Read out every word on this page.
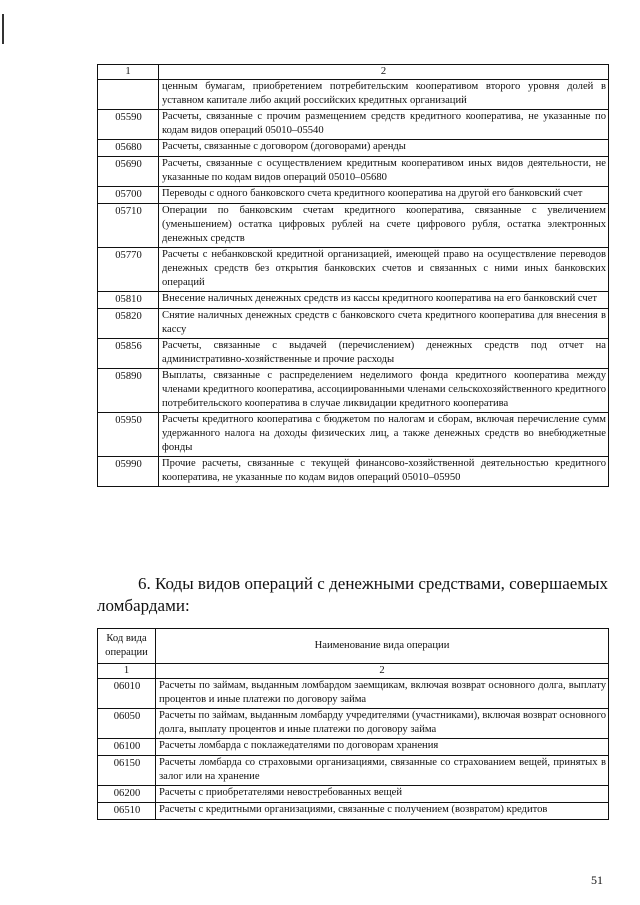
1	2
	ценным бумагам, приобретением потребительским кооперативом второго уровня долей в уставном капитале либо акций российских кредитных организаций
05590	Расчеты, связанные с прочим размещением средств кредитного кооператива, не указанные по кодам видов операций 05010–05540
05680	Расчеты, связанные с договором (договорами) аренды
05690	Расчеты, связанные с осуществлением кредитным кооперативом иных видов деятельности, не указанные по кодам видов операций 05010–05680
05700	Переводы с одного банковского счета кредитного кооператива на другой его банковский счет
05710	Операции по банковским счетам кредитного кооператива, связанные с увеличением (уменьшением) остатка цифровых рублей на счете цифрового рубля, остатка электронных денежных средств
05770	Расчеты с небанковской кредитной организацией, имеющей право на осуществление переводов денежных средств без открытия банковских счетов и связанных с ними иных банковских операций
05810	Внесение наличных денежных средств из кассы кредитного кооператива на его банковский счет
05820	Снятие наличных денежных средств с банковского счета кредитного кооператива для внесения в кассу
05856	Расчеты, связанные с выдачей (перечислением) денежных средств под отчет на административно-хозяйственные и прочие расходы
05890	Выплаты, связанные с распределением неделимого фонда кредитного кооператива между членами кредитного кооператива, ассоциированными членами сельскохозяйственного кредитного потребительского кооператива в случае ликвидации кредитного кооператива
05950	Расчеты кредитного кооператива с бюджетом по налогам и сборам, включая перечисление сумм удержанного налога на доходы физических лиц, а также денежных средств во внебюджетные фонды
05990	Прочие расчеты, связанные с текущей финансово-хозяйственной деятельностью кредитного кооператива, не указанные по кодам видов операций 05010–05950
6. Коды видов операций с денежными средствами, совершаемых ломбардами:
Код вида операции	Наименование вида операции
1	2
06010	Расчеты по займам, выданным ломбардом заемщикам, включая возврат основного долга, выплату процентов и иные платежи по договору займа
06050	Расчеты по займам, выданным ломбарду учредителями (участниками), включая возврат основного долга, выплату процентов и иные платежи по договору займа
06100	Расчеты ломбарда с поклажедателями по договорам хранения
06150	Расчеты ломбарда со страховыми организациями, связанные со страхованием вещей, принятых в залог или на хранение
06200	Расчеты с приобретателями невостребованных вещей
06510	Расчеты с кредитными организациями, связанные с получением (возвратом) кредитов
51
